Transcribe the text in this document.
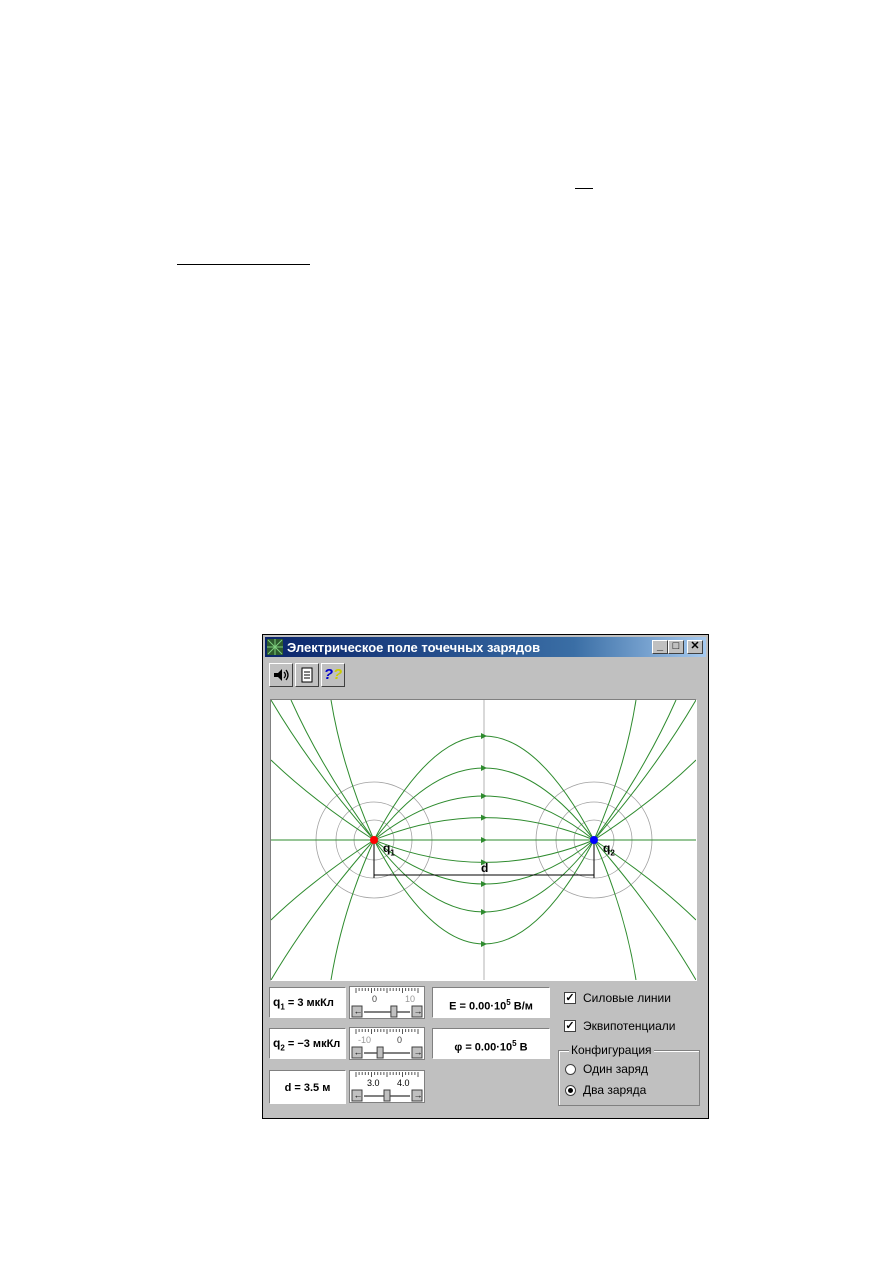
Электрическое поле точечных зарядов	_ □	✕
??
$q_1$	$q_2$
d
$q_1 = 3$ мкКл	0	10
←	→
$q_2 = -3$ мкКл	-10	0
←	→
d = 3.5 м	3.0 4.0
←	→
$E = 0.00\cdot 10^5$ В/м
$\varphi = 0.00\cdot 10^5$ В
✓ Силовые линии
✓ Эквипотенциали
Конфигурация
Один заряд
Два заряда
